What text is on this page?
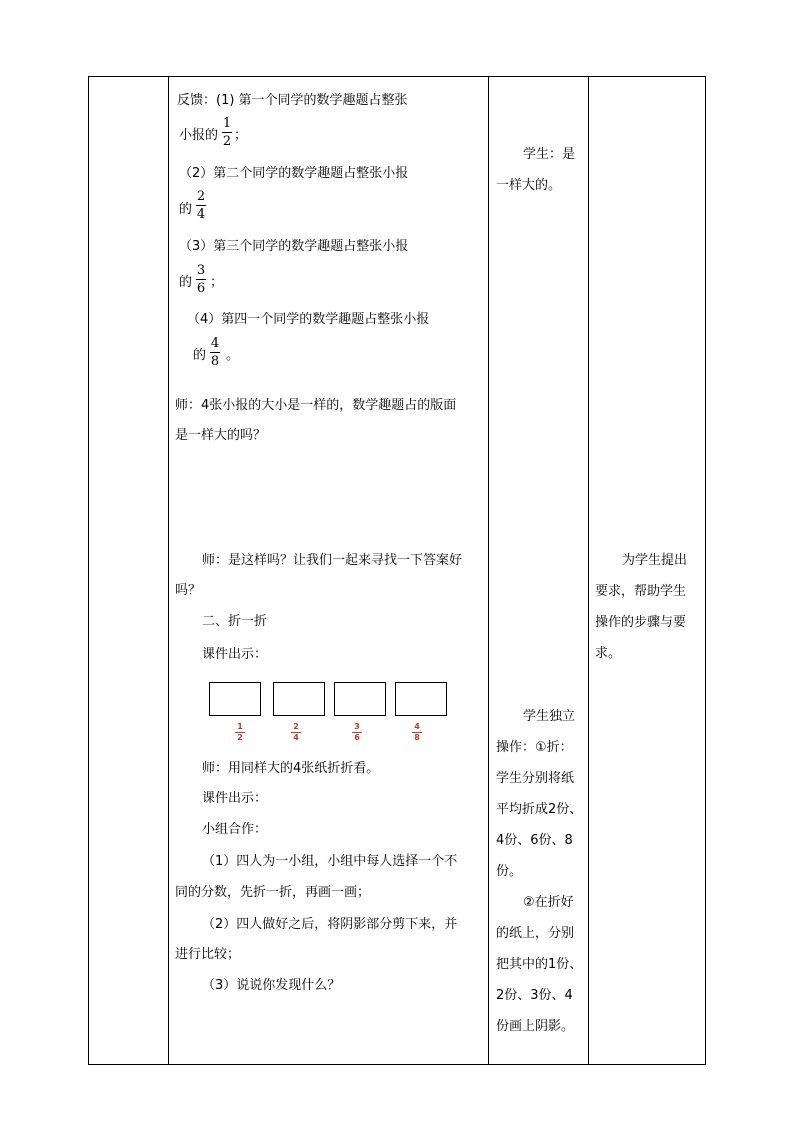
反馈：(1) 第一个同学的数学趣题占整张
小报的
1
2 ；
（2）第二个同学的数学趣题占整张小报
的
2
4
（3）第三个同学的数学趣题占整张小报
的
3
6 ；
（4）第四一个同学的数学趣题占整张小报
的
4
8 。
师：4张小报的大小是一样的，数学趣题占的版面
是一样大的吗？
师：是这样吗？让我们一起来寻找一下答案好
吗？
二、折一折
课件出示：
1
2
2
4
3
6
4
8
师：用同样大的4张纸折折看。
课件出示：
小组合作：
（1）四人为一小组，小组中每人选择一个不
同的分数，先折一折，再画一画；
（2）四人做好之后，将阴影部分剪下来，并
进行比较；
（3）说说你发现什么？
学生：是
一样大的。
学生独立
操作：①折：
学生分别将纸
平均折成2份、
4份、6份、8
份。
②在折好
的纸上，分别
把其中的1份、
2份、3份、4
份画上阴影。
为学生提出
要求，帮助学生
操作的步骤与要
求。
